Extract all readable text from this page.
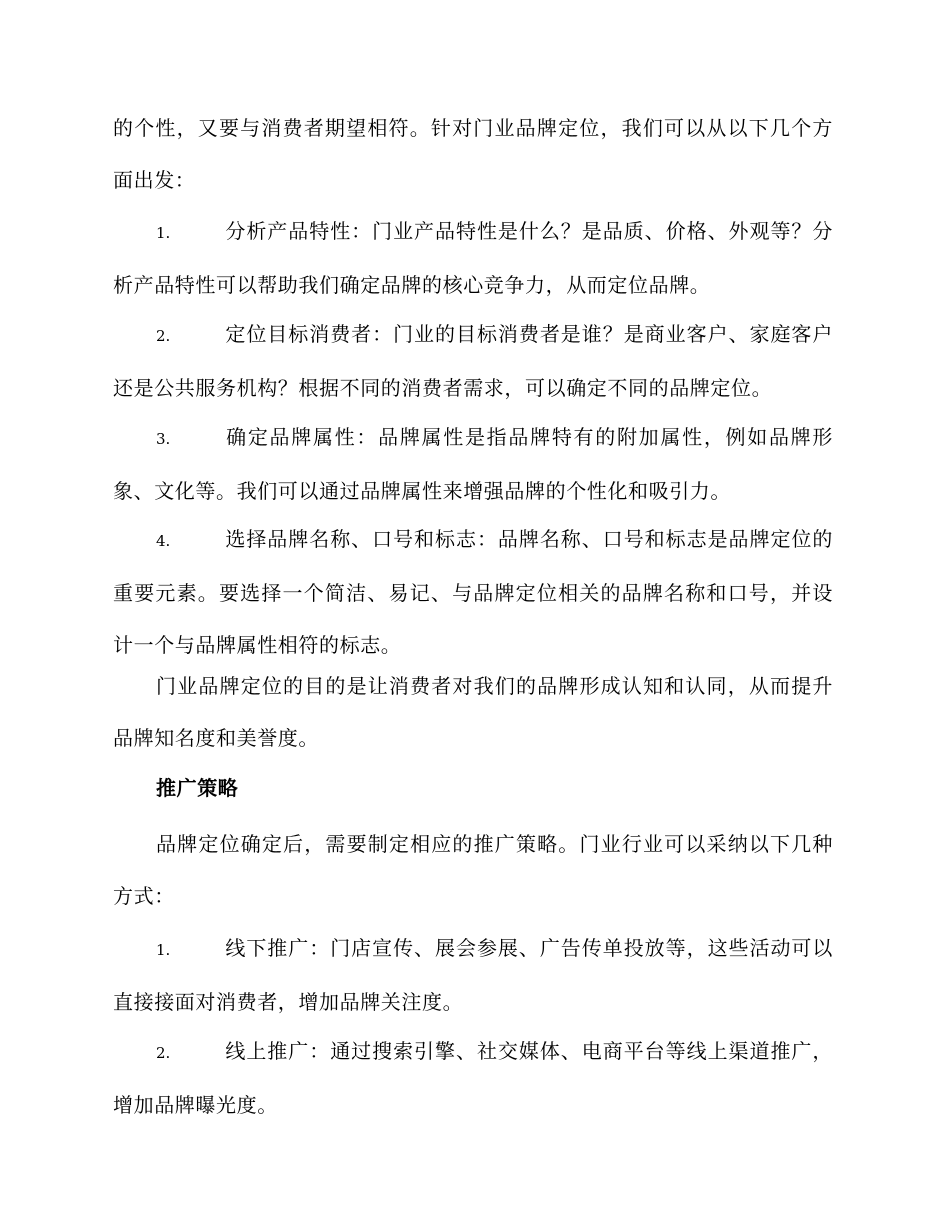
的个性，又要与消费者期望相符。针对门业品牌定位，我们可以从以下几个方面出发：
1.	分析产品特性：门业产品特性是什么？是品质、价格、外观等？分析产品特性可以帮助我们确定品牌的核心竞争力，从而定位品牌。
2.	定位目标消费者：门业的目标消费者是谁？是商业客户、家庭客户还是公共服务机构？根据不同的消费者需求，可以确定不同的品牌定位。
3.	确定品牌属性：品牌属性是指品牌特有的附加属性，例如品牌形象、文化等。我们可以通过品牌属性来增强品牌的个性化和吸引力。
4.	选择品牌名称、口号和标志：品牌名称、口号和标志是品牌定位的重要元素。要选择一个简洁、易记、与品牌定位相关的品牌名称和口号，并设计一个与品牌属性相符的标志。
门业品牌定位的目的是让消费者对我们的品牌形成认知和认同，从而提升品牌知名度和美誉度。
推广策略
品牌定位确定后，需要制定相应的推广策略。门业行业可以采纳以下几种方式：
1.	线下推广：门店宣传、展会参展、广告传单投放等，这些活动可以直接接面对消费者，增加品牌关注度。
2.	线上推广：通过搜索引擎、社交媒体、电商平台等线上渠道推广，增加品牌曝光度。
